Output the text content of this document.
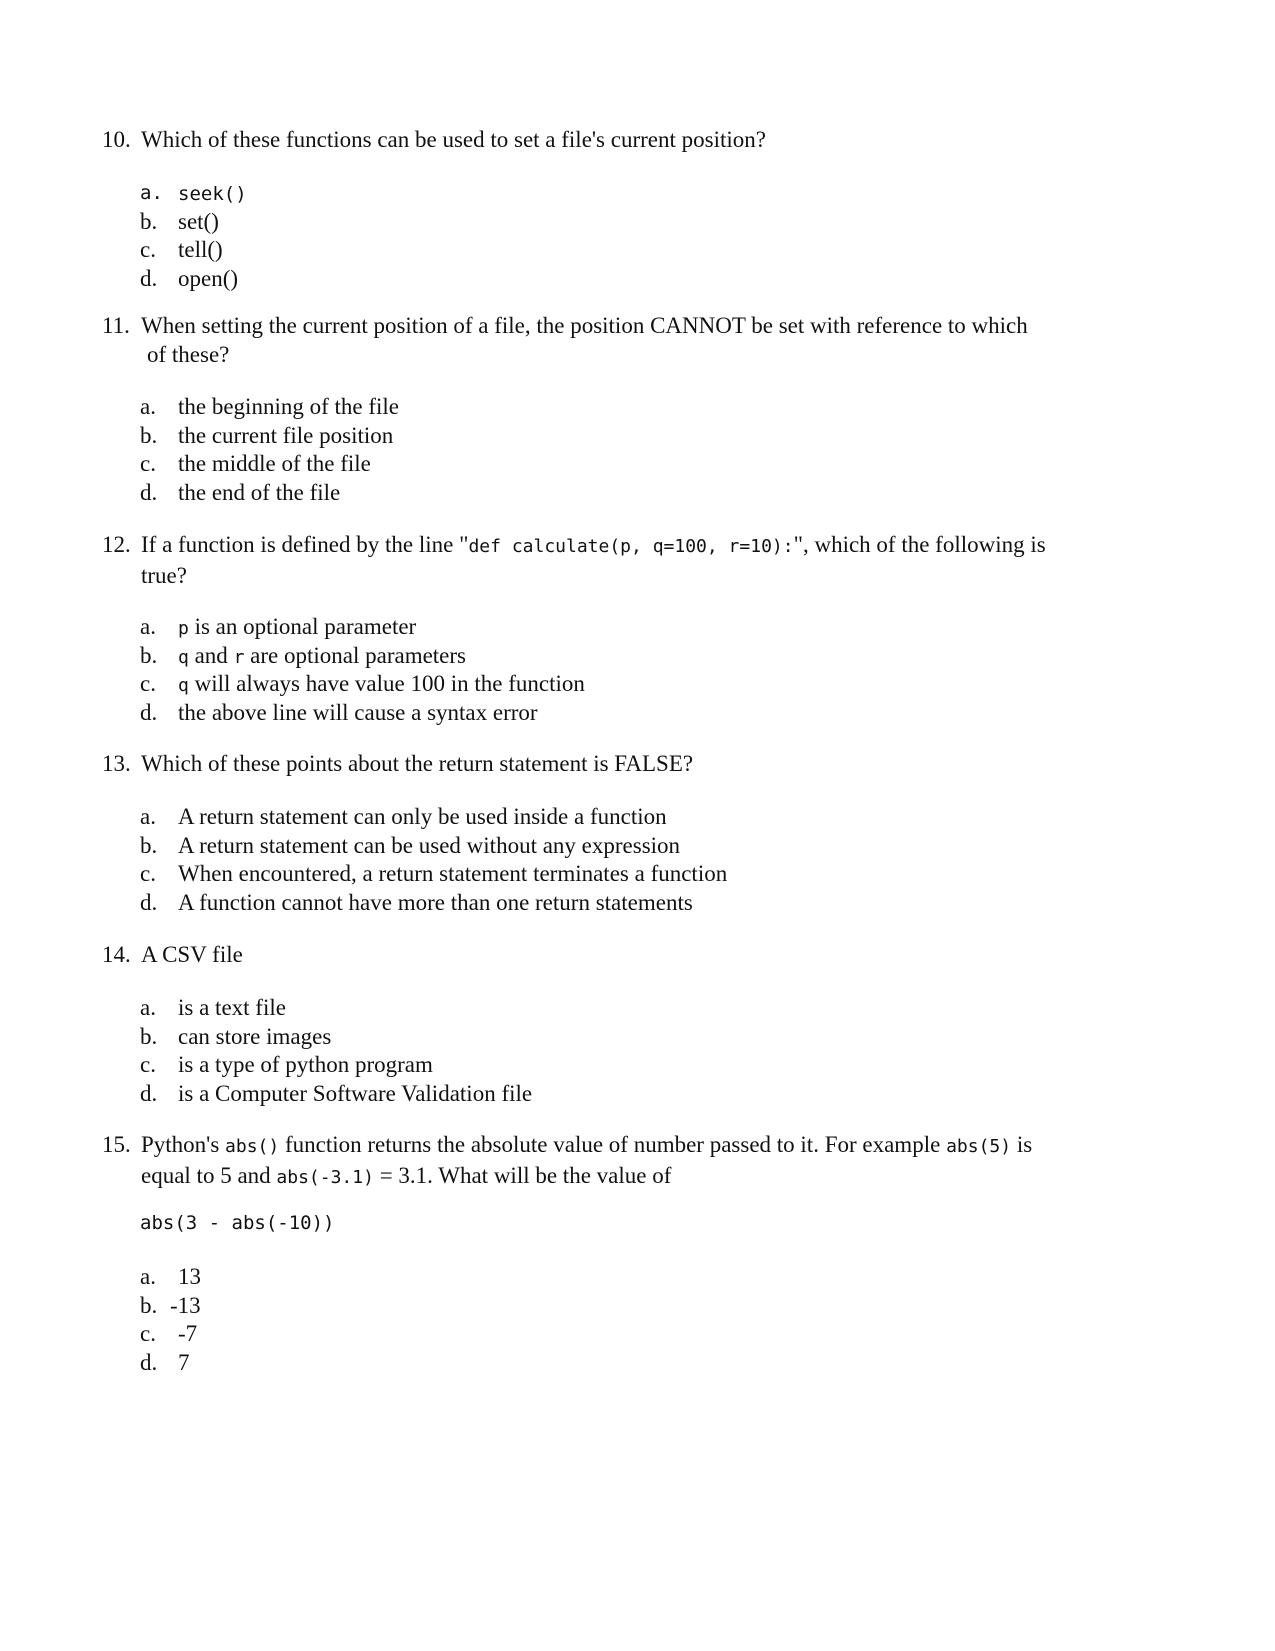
10. Which of these functions can be used to set a file's current position?

a. seek()
b. set()
c. tell()
d. open()

11. When setting the current position of a file, the position CANNOT be set with reference to which
of these?

a. the beginning of the file
b. the current file position
c. the middle of the file
d. the end of the file

12. If a function is defined by the line "def calculate(p, q=100, r=10):", which of the following is
true?

a. p is an optional parameter
b. q and r are optional parameters
c. q will always have value 100 in the function
d. the above line will cause a syntax error

13. Which of these points about the return statement is FALSE?

a. A return statement can only be used inside a function
b. A return statement can be used without any expression
c. When encountered, a return statement terminates a function
d. A function cannot have more than one return statements

14. A CSV file

a. is a text file
b. can store images
c. is a type of python program
d. is a Computer Software Validation file

15. Python's abs() function returns the absolute value of number passed to it. For example abs(5) is
equal to 5 and abs(-3.1) = 3.1. What will be the value of

abs(3 - abs(-10))
a. 13
b. -13
c. -7
d. 7
